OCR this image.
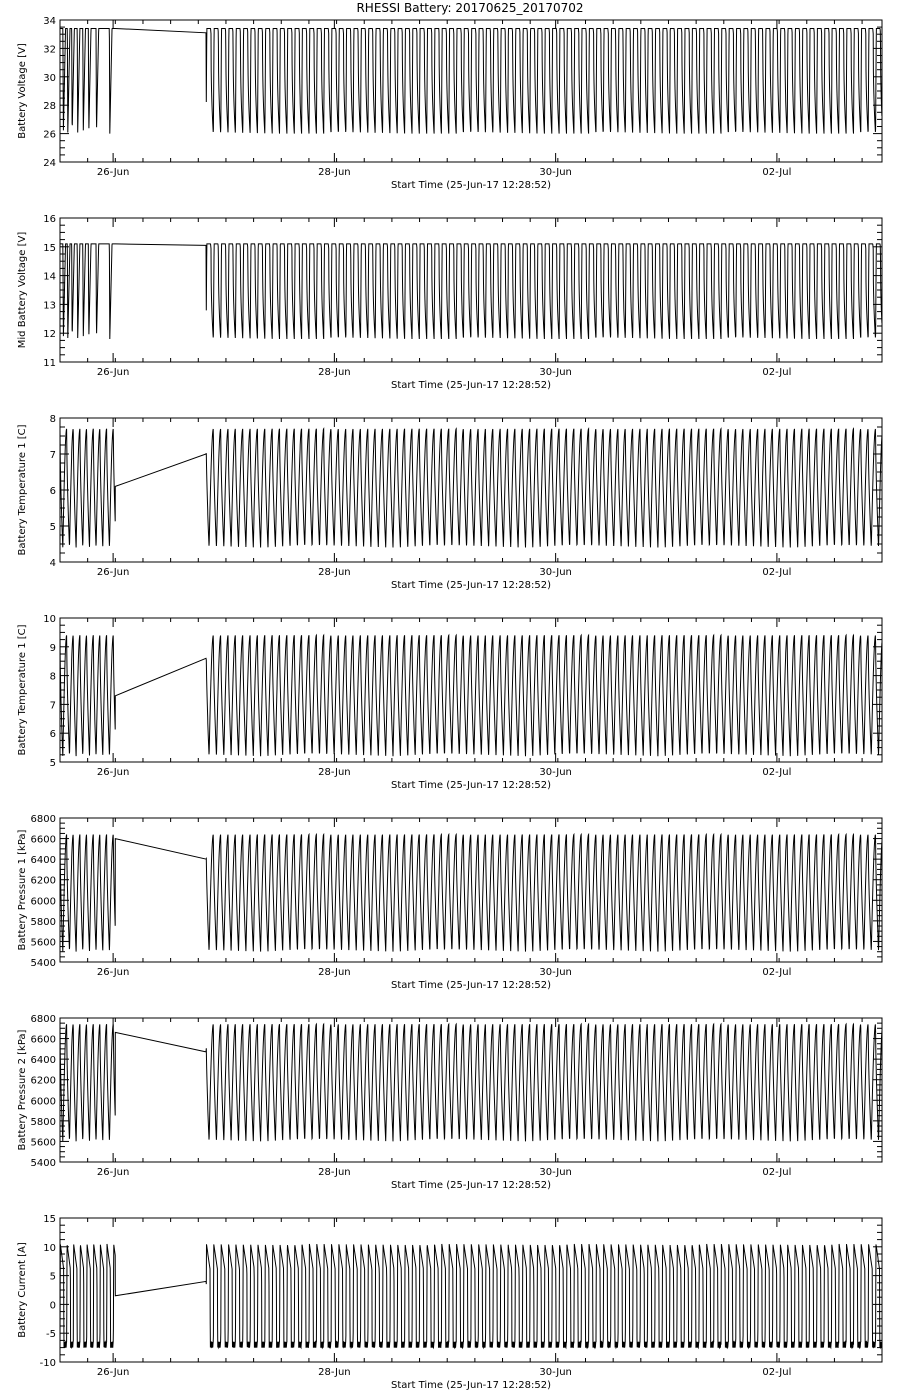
RHESSI Battery: 20170625_20170702
24
26
28
30
32
34
26-Jun	28-Jun	30-Jun	02-Jul
Start Time (25-Jun-17 12:28:52)
Battery Voltage [V]
11
12
13
14
15
16
26-Jun	28-Jun	30-Jun	02-Jul
Start Time (25-Jun-17 12:28:52)
Mid Battery Voltage [V]
4
5
6
7
8
26-Jun	28-Jun	30-Jun	02-Jul
Start Time (25-Jun-17 12:28:52)
Battery Temperature 1 [C]
5
6
7
8
9
10
26-Jun	28-Jun	30-Jun	02-Jul
Start Time (25-Jun-17 12:28:52)
Battery Temperature 1 [C]
5400
5600
5800
6000
6200
6400
6600
6800
26-Jun	28-Jun	30-Jun	02-Jul
Start Time (25-Jun-17 12:28:52)
Battery Pressure 1 [kPa]
5400
5600
5800
6000
6200
6400
6600
6800
26-Jun	28-Jun	30-Jun	02-Jul
Start Time (25-Jun-17 12:28:52)
Battery Pressure 2 [kPa]
-10
-5
0
5
10
15
26-Jun	28-Jun	30-Jun	02-Jul
Start Time (25-Jun-17 12:28:52)
Battery Current [A]
